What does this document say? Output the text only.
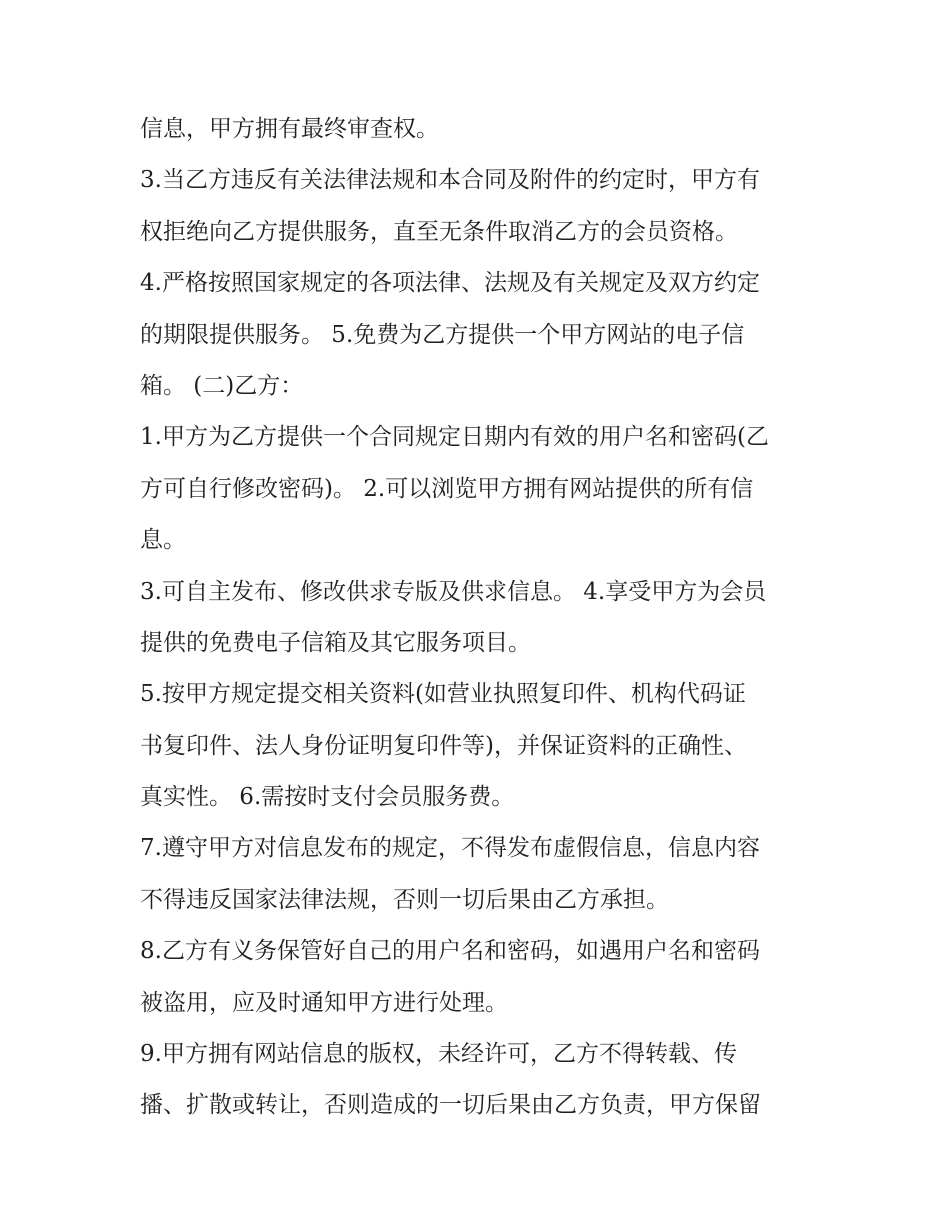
信息，甲方拥有最终审查权。
3.当乙方违反有关法律法规和本合同及附件的约定时，甲方有
权拒绝向乙方提供服务，直至无条件取消乙方的会员资格。
4.严格按照国家规定的各项法律、法规及有关规定及双方约定
的期限提供服务。 5.免费为乙方提供一个甲方网站的电子信
箱。 (二)乙方：
1.甲方为乙方提供一个合同规定日期内有效的用户名和密码(乙
方可自行修改密码)。 2.可以浏览甲方拥有网站提供的所有信
息。
3.可自主发布、修改供求专版及供求信息。 4.享受甲方为会员
提供的免费电子信箱及其它服务项目。
5.按甲方规定提交相关资料(如营业执照复印件、机构代码证
书复印件、法人身份证明复印件等)，并保证资料的正确性、
真实性。 6.需按时支付会员服务费。
7.遵守甲方对信息发布的规定，不得发布虚假信息，信息内容
不得违反国家法律法规，否则一切后果由乙方承担。
8.乙方有义务保管好自己的用户名和密码，如遇用户名和密码
被盗用，应及时通知甲方进行处理。
9.甲方拥有网站信息的版权，未经许可，乙方不得转载、传
播、扩散或转让，否则造成的一切后果由乙方负责，甲方保留
